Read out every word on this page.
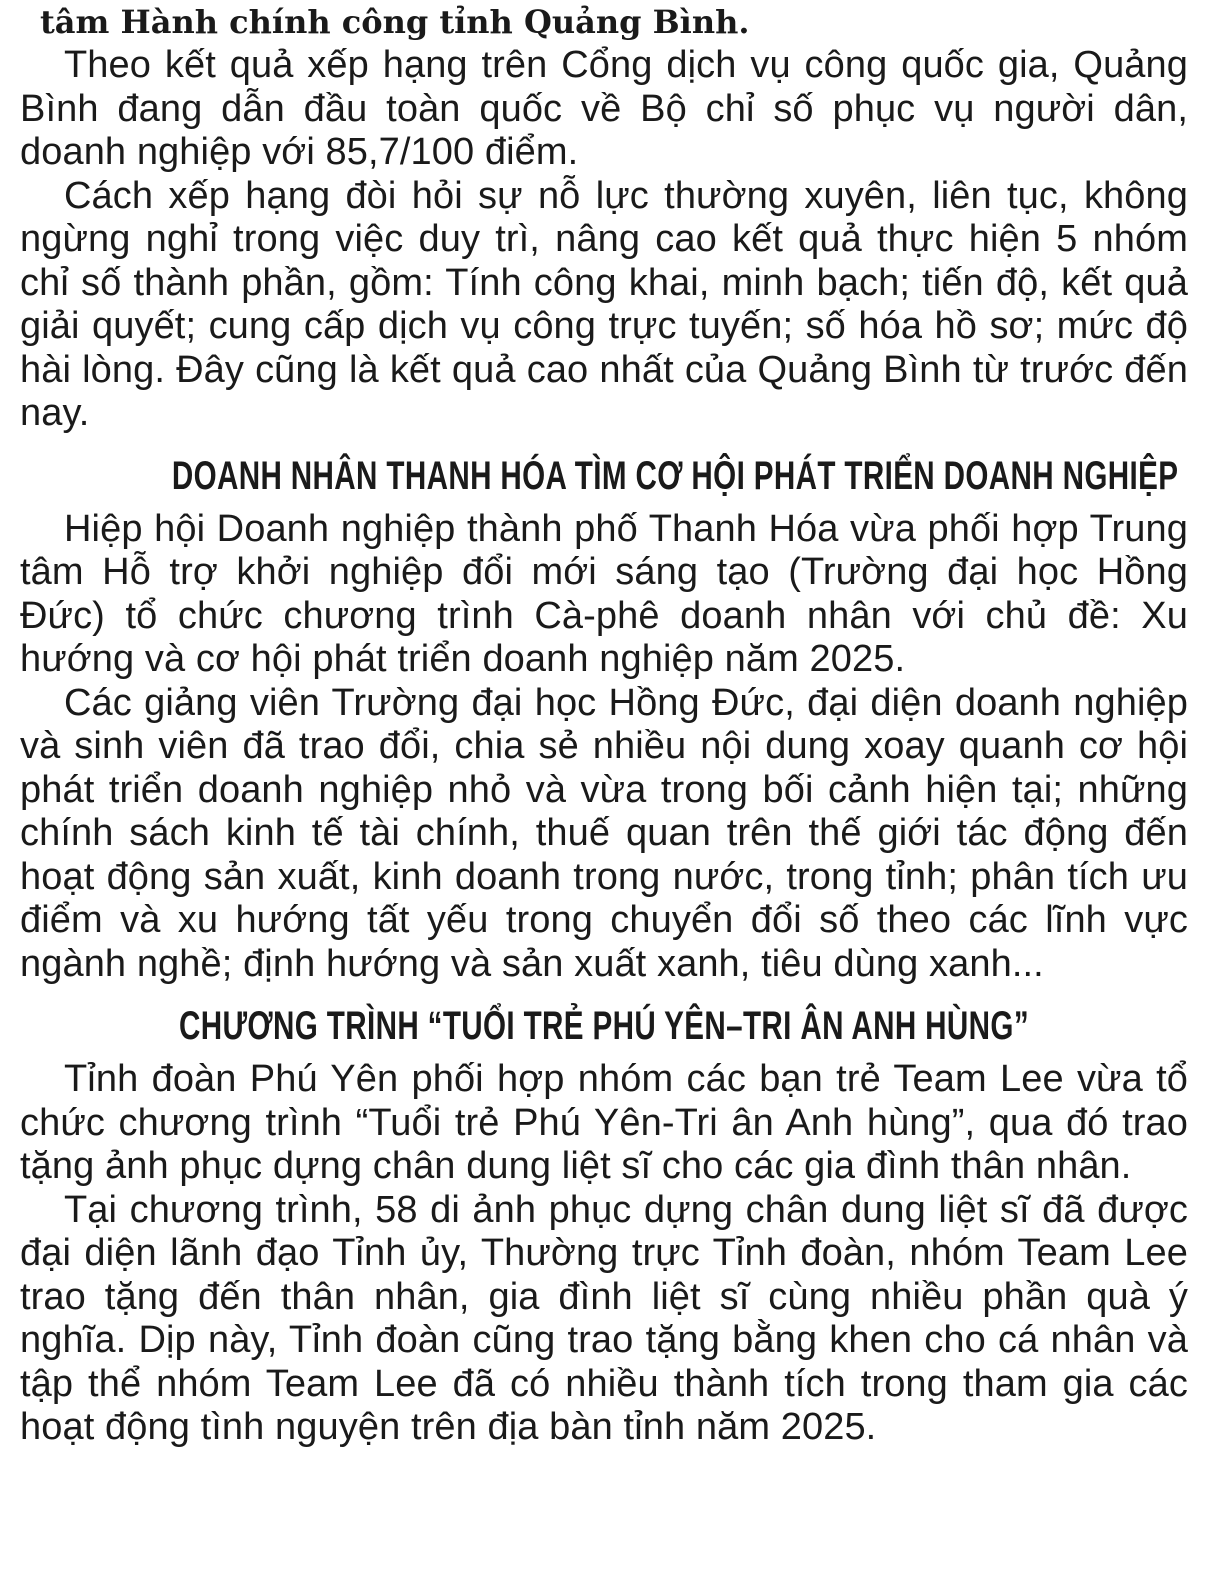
tâm Hành chính công tỉnh Quảng Bình.

Theo kết quả xếp hạng trên Cổng dịch vụ công quốc gia, Quảng Bình đang dẫn đầu toàn quốc về Bộ chỉ số phục vụ người dân, doanh nghiệp với 85,7/100 điểm.

Cách xếp hạng đòi hỏi sự nỗ lực thường xuyên, liên tục, không ngừng nghỉ trong việc duy trì, nâng cao kết quả thực hiện 5 nhóm chỉ số thành phần, gồm: Tính công khai, minh bạch; tiến độ, kết quả giải quyết; cung cấp dịch vụ công trực tuyến; số hóa hồ sơ; mức độ hài lòng. Đây cũng là kết quả cao nhất của Quảng Bình từ trước đến nay.

DOANH NHÂN THANH HÓA TÌM CƠ HỘI PHÁT TRIỂN DOANH NGHIỆP

Hiệp hội Doanh nghiệp thành phố Thanh Hóa vừa phối hợp Trung tâm Hỗ trợ khởi nghiệp đổi mới sáng tạo (Trường đại học Hồng Đức) tổ chức chương trình Cà-phê doanh nhân với chủ đề: Xu hướng và cơ hội phát triển doanh nghiệp năm 2025.

Các giảng viên Trường đại học Hồng Đức, đại diện doanh nghiệp và sinh viên đã trao đổi, chia sẻ nhiều nội dung xoay quanh cơ hội phát triển doanh nghiệp nhỏ và vừa trong bối cảnh hiện tại; những chính sách kinh tế tài chính, thuế quan trên thế giới tác động đến hoạt động sản xuất, kinh doanh trong nước, trong tỉnh; phân tích ưu điểm và xu hướng tất yếu trong chuyển đổi số theo các lĩnh vực ngành nghề; định hướng và sản xuất xanh, tiêu dùng xanh...

CHƯƠNG TRÌNH “TUỔI TRẺ PHÚ YÊN–TRI ÂN ANH HÙNG”

Tỉnh đoàn Phú Yên phối hợp nhóm các bạn trẻ Team Lee vừa tổ chức chương trình “Tuổi trẻ Phú Yên-Tri ân Anh hùng”, qua đó trao tặng ảnh phục dựng chân dung liệt sĩ cho các gia đình thân nhân.

Tại chương trình, 58 di ảnh phục dựng chân dung liệt sĩ đã được đại diện lãnh đạo Tỉnh ủy, Thường trực Tỉnh đoàn, nhóm Team Lee trao tặng đến thân nhân, gia đình liệt sĩ cùng nhiều phần quà ý nghĩa. Dịp này, Tỉnh đoàn cũng trao tặng bằng khen cho cá nhân và tập thể nhóm Team Lee đã có nhiều thành tích trong tham gia các hoạt động tình nguyện trên địa bàn tỉnh năm 2025.
